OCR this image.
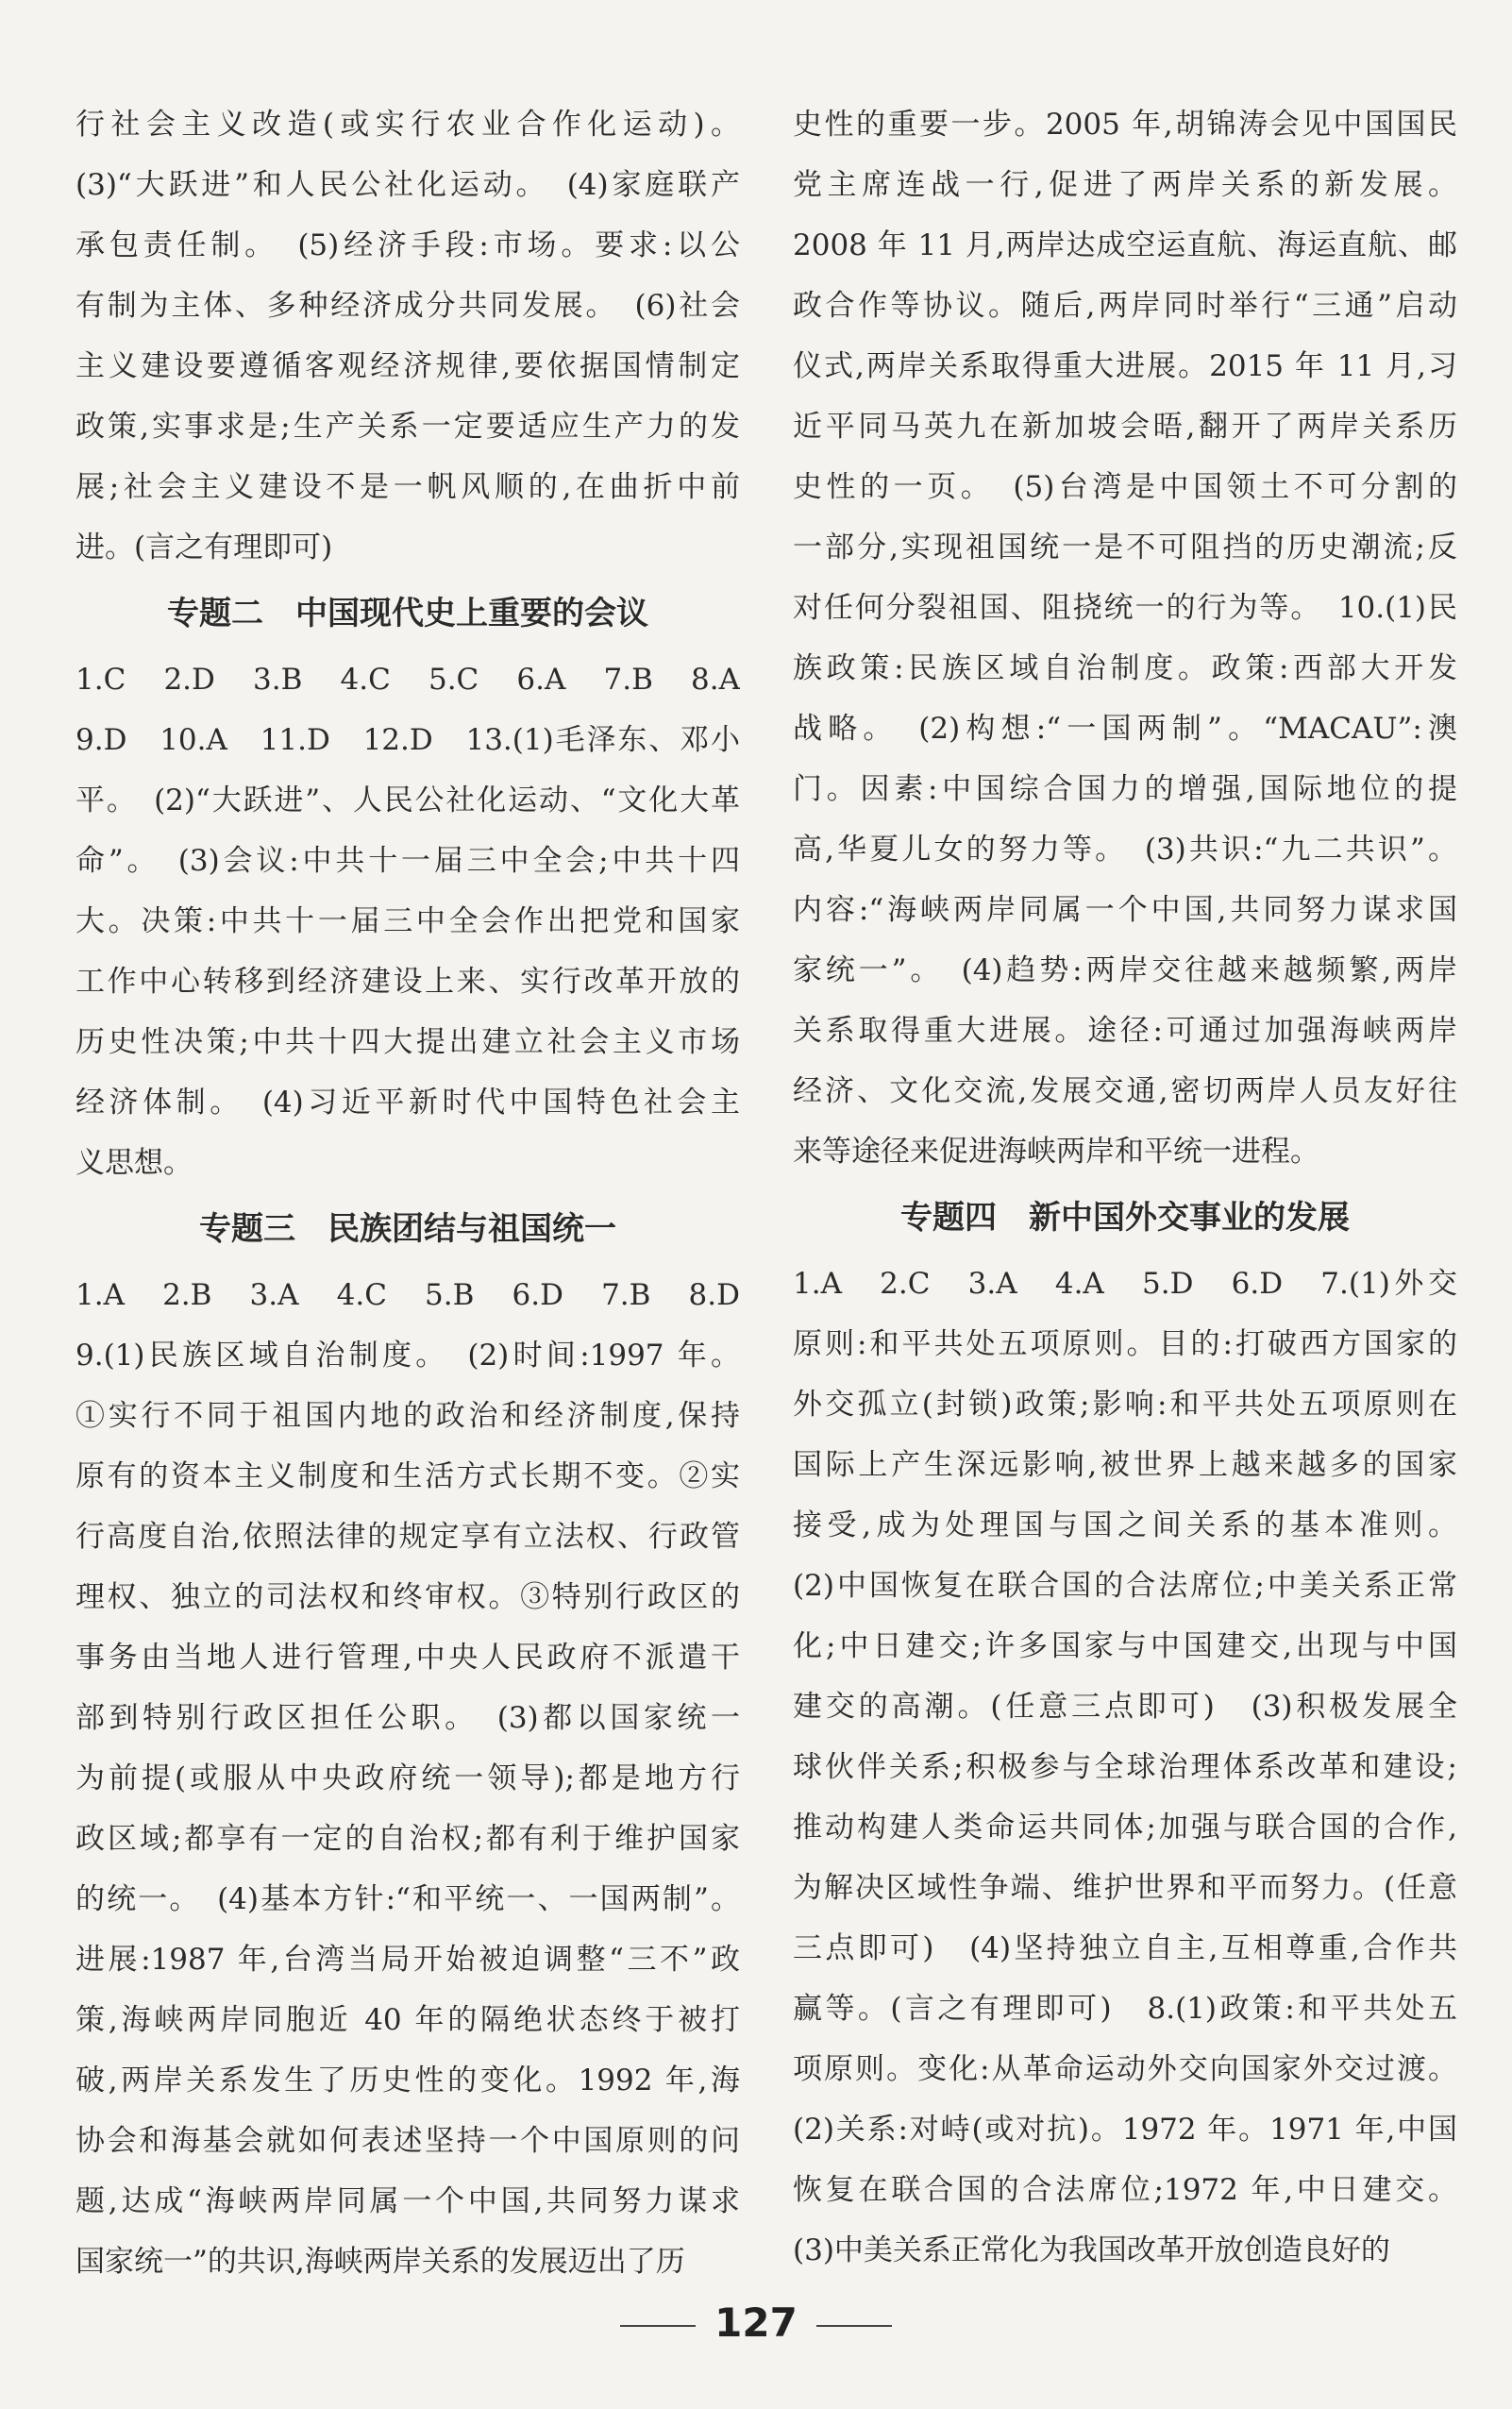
行社会主义改造(或实行农业合作化运动)。
(3)“大跃进”和人民公社化运动。　(4)家庭联产
承包责任制。　(5)经济手段:市场。要求:以公
有制为主体、多种经济成分共同发展。　(6)社会
主义建设要遵循客观经济规律,要依据国情制定
政策,实事求是;生产关系一定要适应生产力的发
展;社会主义建设不是一帆风顺的,在曲折中前
进。(言之有理即可)
专题二　中国现代史上重要的会议
1.C　2.D　3.B　4.C　5.C　6.A　7.B　8.A
9.D　10.A　11.D　12.D　13.(1)毛泽东、邓小
平。　(2)“大跃进”、人民公社化运动、“文化大革
命”。　(3)会议:中共十一届三中全会;中共十四
大。决策:中共十一届三中全会作出把党和国家
工作中心转移到经济建设上来、实行改革开放的
历史性决策;中共十四大提出建立社会主义市场
经济体制。　(4)习近平新时代中国特色社会主
义思想。
专题三　民族团结与祖国统一
1.A　2.B　3.A　4.C　5.B　6.D　7.B　8.D
9.(1)民族区域自治制度。　(2)时间:1997 年。
①实行不同于祖国内地的政治和经济制度,保持
原有的资本主义制度和生活方式长期不变。②实
行高度自治,依照法律的规定享有立法权、行政管
理权、独立的司法权和终审权。③特别行政区的
事务由当地人进行管理,中央人民政府不派遣干
部到特别行政区担任公职。　(3)都以国家统一
为前提(或服从中央政府统一领导);都是地方行
政区域;都享有一定的自治权;都有利于维护国家
的统一。　(4)基本方针:“和平统一、一国两制”。
进展:1987 年,台湾当局开始被迫调整“三不”政
策,海峡两岸同胞近 40 年的隔绝状态终于被打
破,两岸关系发生了历史性的变化。1992 年,海
协会和海基会就如何表述坚持一个中国原则的问
题,达成“海峡两岸同属一个中国,共同努力谋求
国家统一”的共识,海峡两岸关系的发展迈出了历
史性的重要一步。2005 年,胡锦涛会见中国国民
党主席连战一行,促进了两岸关系的新发展。
2008 年 11 月,两岸达成空运直航、海运直航、邮
政合作等协议。随后,两岸同时举行“三通”启动
仪式,两岸关系取得重大进展。2015 年 11 月,习
近平同马英九在新加坡会晤,翻开了两岸关系历
史性的一页。　(5)台湾是中国领土不可分割的
一部分,实现祖国统一是不可阻挡的历史潮流;反
对任何分裂祖国、阻挠统一的行为等。　10.(1)民
族政策:民族区域自治制度。政策:西部大开发
战略。　(2)构想:“一国两制”。“MACAU”:澳
门。因素:中国综合国力的增强,国际地位的提
高,华夏儿女的努力等。　(3)共识:“九二共识”。
内容:“海峡两岸同属一个中国,共同努力谋求国
家统一”。　(4)趋势:两岸交往越来越频繁,两岸
关系取得重大进展。途径:可通过加强海峡两岸
经济、文化交流,发展交通,密切两岸人员友好往
来等途径来促进海峡两岸和平统一进程。
专题四　新中国外交事业的发展
1.A　2.C　3.A　4.A　5.D　6.D　7.(1)外交
原则:和平共处五项原则。目的:打破西方国家的
外交孤立(封锁)政策;影响:和平共处五项原则在
国际上产生深远影响,被世界上越来越多的国家
接受,成为处理国与国之间关系的基本准则。
(2)中国恢复在联合国的合法席位;中美关系正常
化;中日建交;许多国家与中国建交,出现与中国
建交的高潮。(任意三点即可)　(3)积极发展全
球伙伴关系;积极参与全球治理体系改革和建设;
推动构建人类命运共同体;加强与联合国的合作,
为解决区域性争端、维护世界和平而努力。(任意
三点即可)　(4)坚持独立自主,互相尊重,合作共
赢等。(言之有理即可)　8.(1)政策:和平共处五
项原则。变化:从革命运动外交向国家外交过渡。
(2)关系:对峙(或对抗)。1972 年。1971 年,中国
恢复在联合国的合法席位;1972 年,中日建交。
(3)中美关系正常化为我国改革开放创造良好的
127
